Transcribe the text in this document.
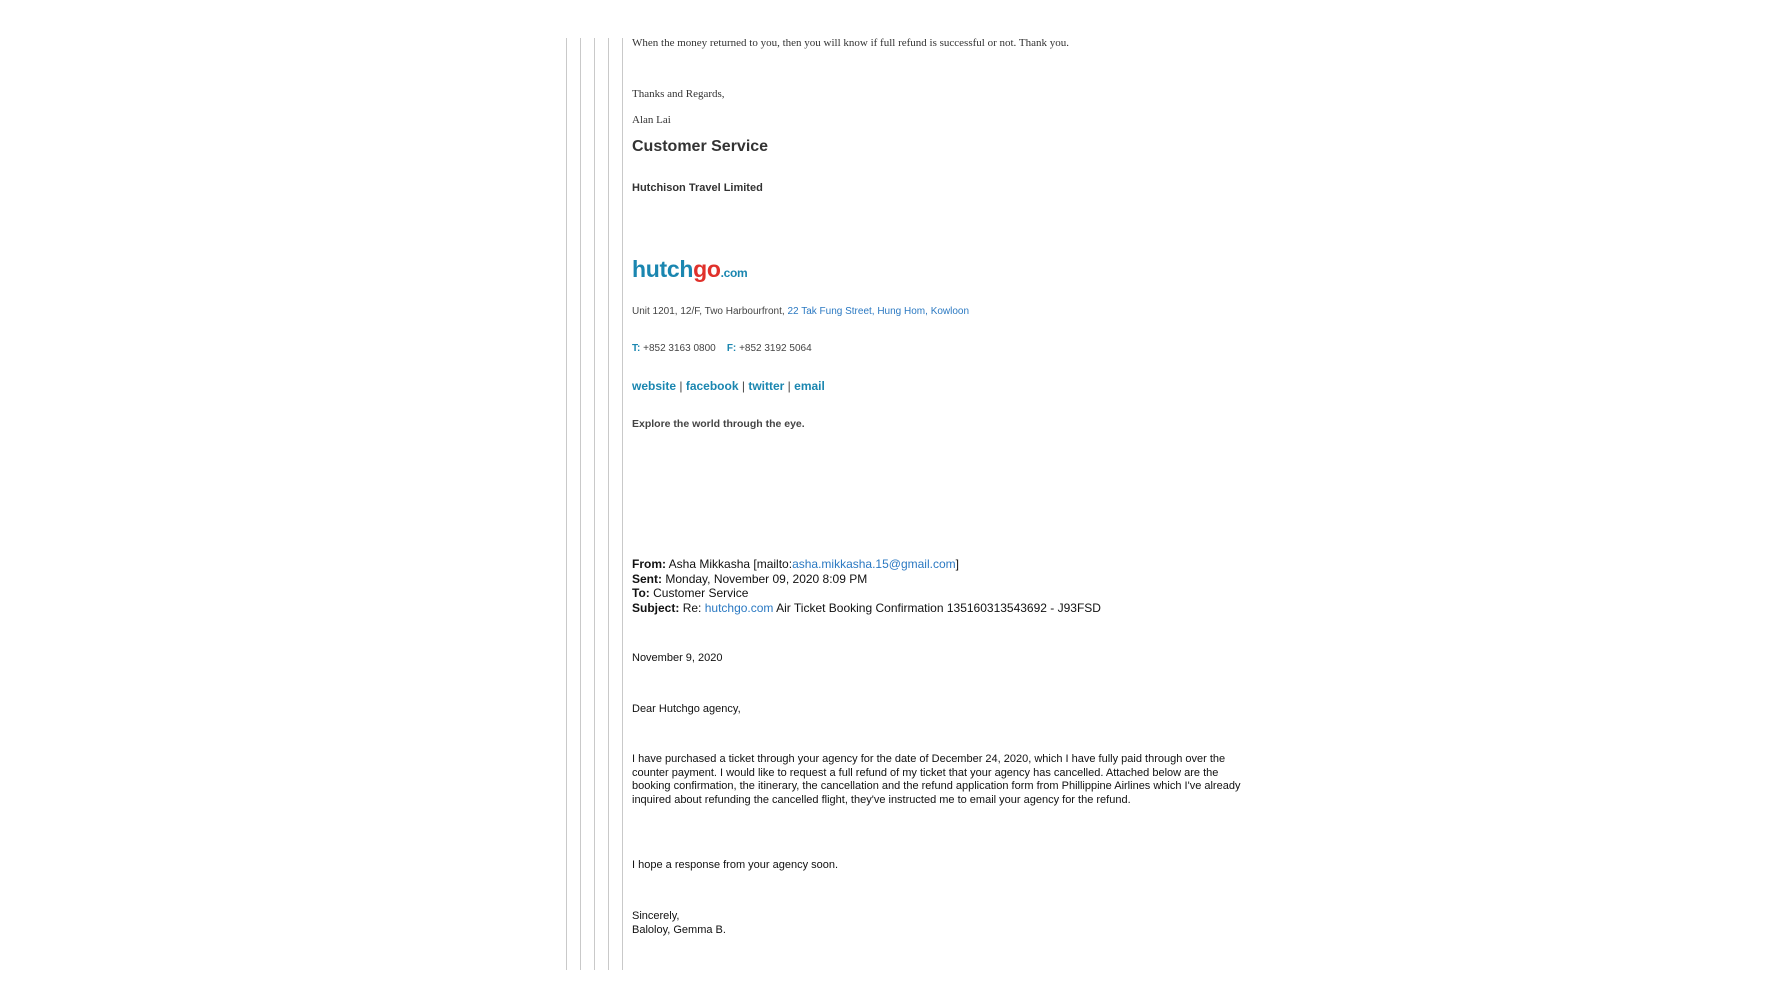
When the money returned to you, then you will know if full refund is successful or not. Thank you.
Thanks and Regards,
Alan Lai
Customer Service
Hutchison Travel Limited
hutchgo.com
Unit 1201, 12/F, Two Harbourfront, 22 Tak Fung Street, Hung Hom, Kowloon
T: +852 3163 0800 F: +852 3192 5064
website | facebook | twitter | email
Explore the world through the eye.
From: Asha Mikkasha [mailto:asha.mikkasha.15@gmail.com]
Sent: Monday, November 09, 2020 8:09 PM
To: Customer Service
Subject: Re: hutchgo.com Air Ticket Booking Confirmation 135160313543692 - J93FSD
November 9, 2020
Dear Hutchgo agency,
I have purchased a ticket through your agency for the date of December 24, 2020, which I have fully paid through over the counter payment. I would like to request a full refund of my ticket that your agency has cancelled. Attached below are the booking confirmation, the itinerary, the cancellation and the refund application form from Phillippine Airlines which I've already inquired about refunding the cancelled flight, they've instructed me to email your agency for the refund.
I hope a response from your agency soon.
Sincerely,
Baloloy, Gemma B.
